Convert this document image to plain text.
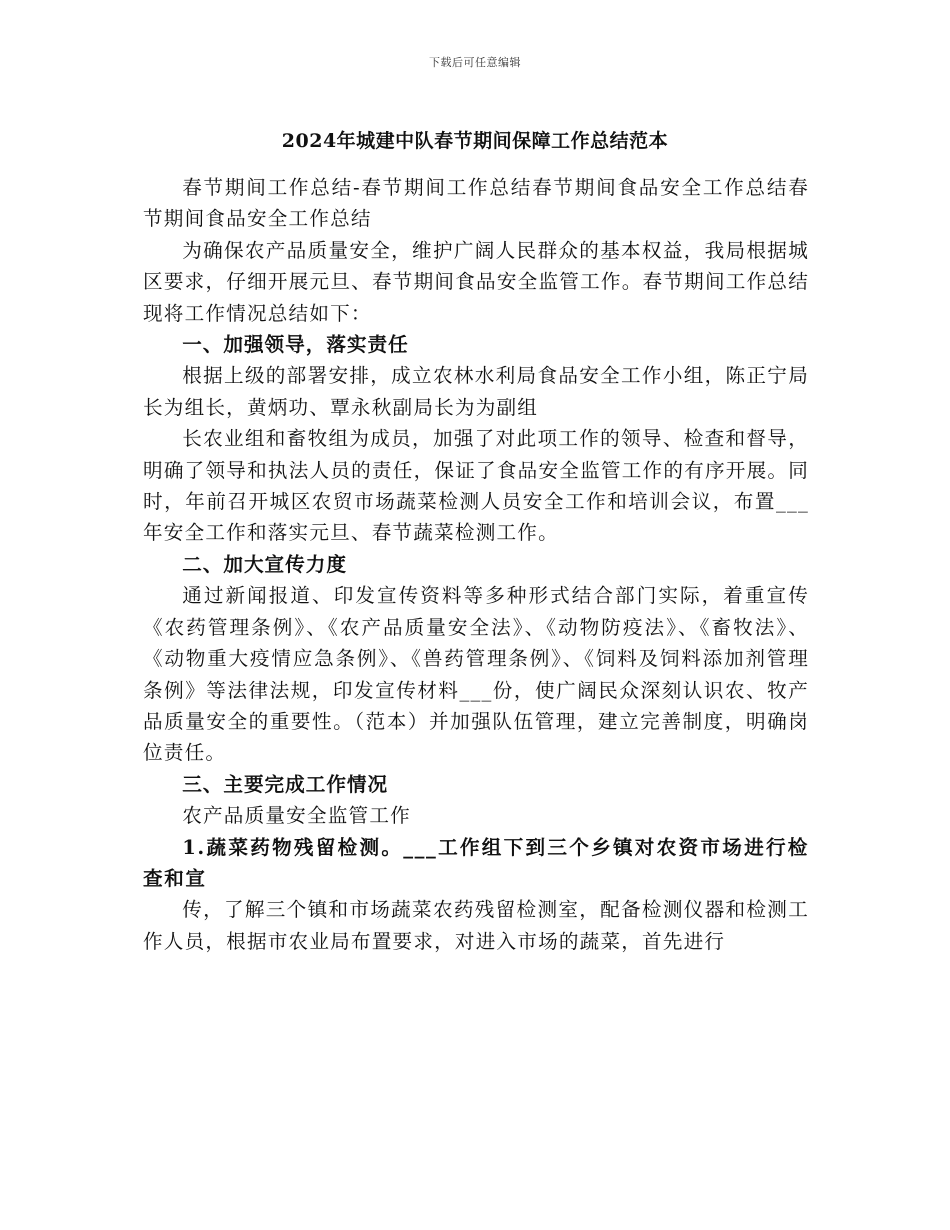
下载后可任意编辑
2024年城建中队春节期间保障工作总结范本

春节期间工作总结-春节期间工作总结春节期间食品安全工作总结春节期间食品安全工作总结

为确保农产品质量安全，维护广阔人民群众的基本权益，我局根据城区要求，仔细开展元旦、春节期间食品安全监管工作。春节期间工作总结现将工作情况总结如下：

一、加强领导，落实责任

根据上级的部署安排，成立农林水利局食品安全工作小组，陈正宁局长为组长，黄炳功、覃永秋副局长为为副组

长农业组和畜牧组为成员，加强了对此项工作的领导、检查和督导，明确了领导和执法人员的责任，保证了食品安全监管工作的有序开展。同时，年前召开城区农贸市场蔬菜检测人员安全工作和培训会议，布置___年安全工作和落实元旦、春节蔬菜检测工作。

二、加大宣传力度

通过新闻报道、印发宣传资料等多种形式结合部门实际，着重宣传《农药管理条例》、《农产品质量安全法》、《动物防疫法》、《畜牧法》、《动物重大疫情应急条例》、《兽药管理条例》、《饲料及饲料添加剂管理条例》等法律法规，印发宣传材料___份，使广阔民众深刻认识农、牧产品质量安全的重要性。（范本）并加强队伍管理，建立完善制度，明确岗位责任。

三、主要完成工作情况

农产品质量安全监管工作

1.蔬菜药物残留检测。___工作组下到三个乡镇对农资市场进行检查和宣

传，了解三个镇和市场蔬菜农药残留检测室，配备检测仪器和检测工作人员，根据市农业局布置要求，对进入市场的蔬菜，首先进行
